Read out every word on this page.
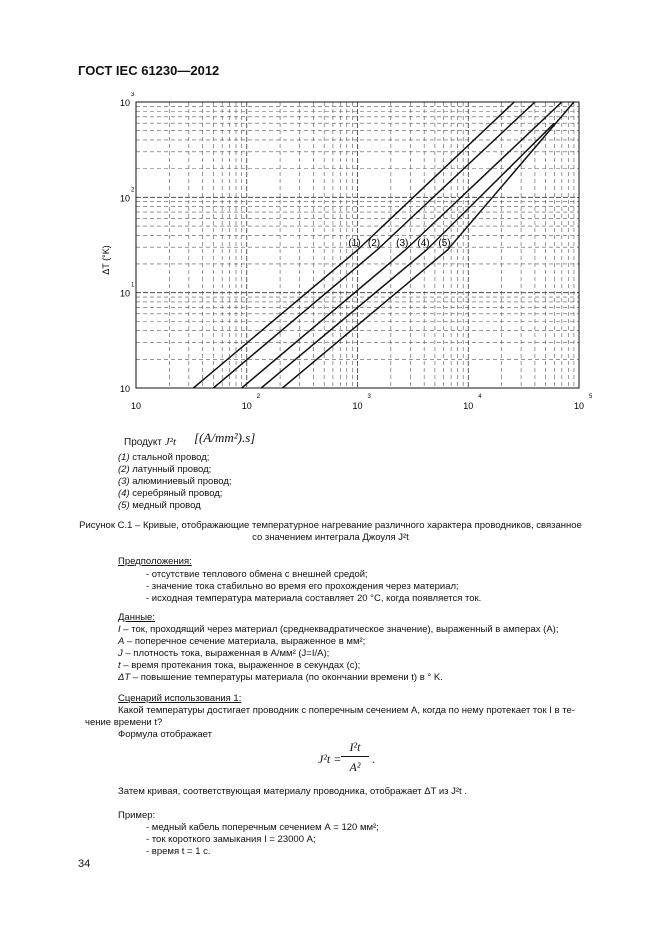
ГОСТ IEC 61230—2012
(1) (2) (3) (4) (5)
10	10
2
10
3
10
4
10
5
10
10
1
10
2
10
3
ΔT (°K)
Продукт J²t [(A/mm²).s]
(1) стальной провод;
(2) латунный провод;
(3) алюминиевый провод;
(4) серебряный провод;
(5) медный провод
Рисунок С.1 – Кривые, отображающие температурное нагревание различного характера проводников, связанное
со значением интеграла Джоуля J²t
Предположения:
- отсутствие теплового обмена с внешней средой;
- значение тока стабильно во время его прохождения через материал;
- исходная температура материала составляет 20 °С, когда появляется ток.
Данные:
I – ток, проходящий через материал (среднеквадратическое значение), выраженный в амперах (А);
A – поперечное сечение материала, выраженное в мм²;
J – плотность тока, выраженная в А/мм² (J=I/A);
t – время протекания тока, выраженное в секундах (с);
ΔT – повышение температуры материала (по окончании времени t) в ° K.
Сценарий использования 1:
Какой температуры достигает проводник с поперечным сечением A, когда по нему протекает ток I в те-
чение времени t?
Формула отображает
J²t =
I²t
A²
.
Затем кривая, соответствующая материалу проводника, отображает ΔT из J²t .
Пример:
- медный кабель поперечным сечением А = 120 мм²;
- ток короткого замыкания I = 23000 А;
- время t = 1 с.
34
